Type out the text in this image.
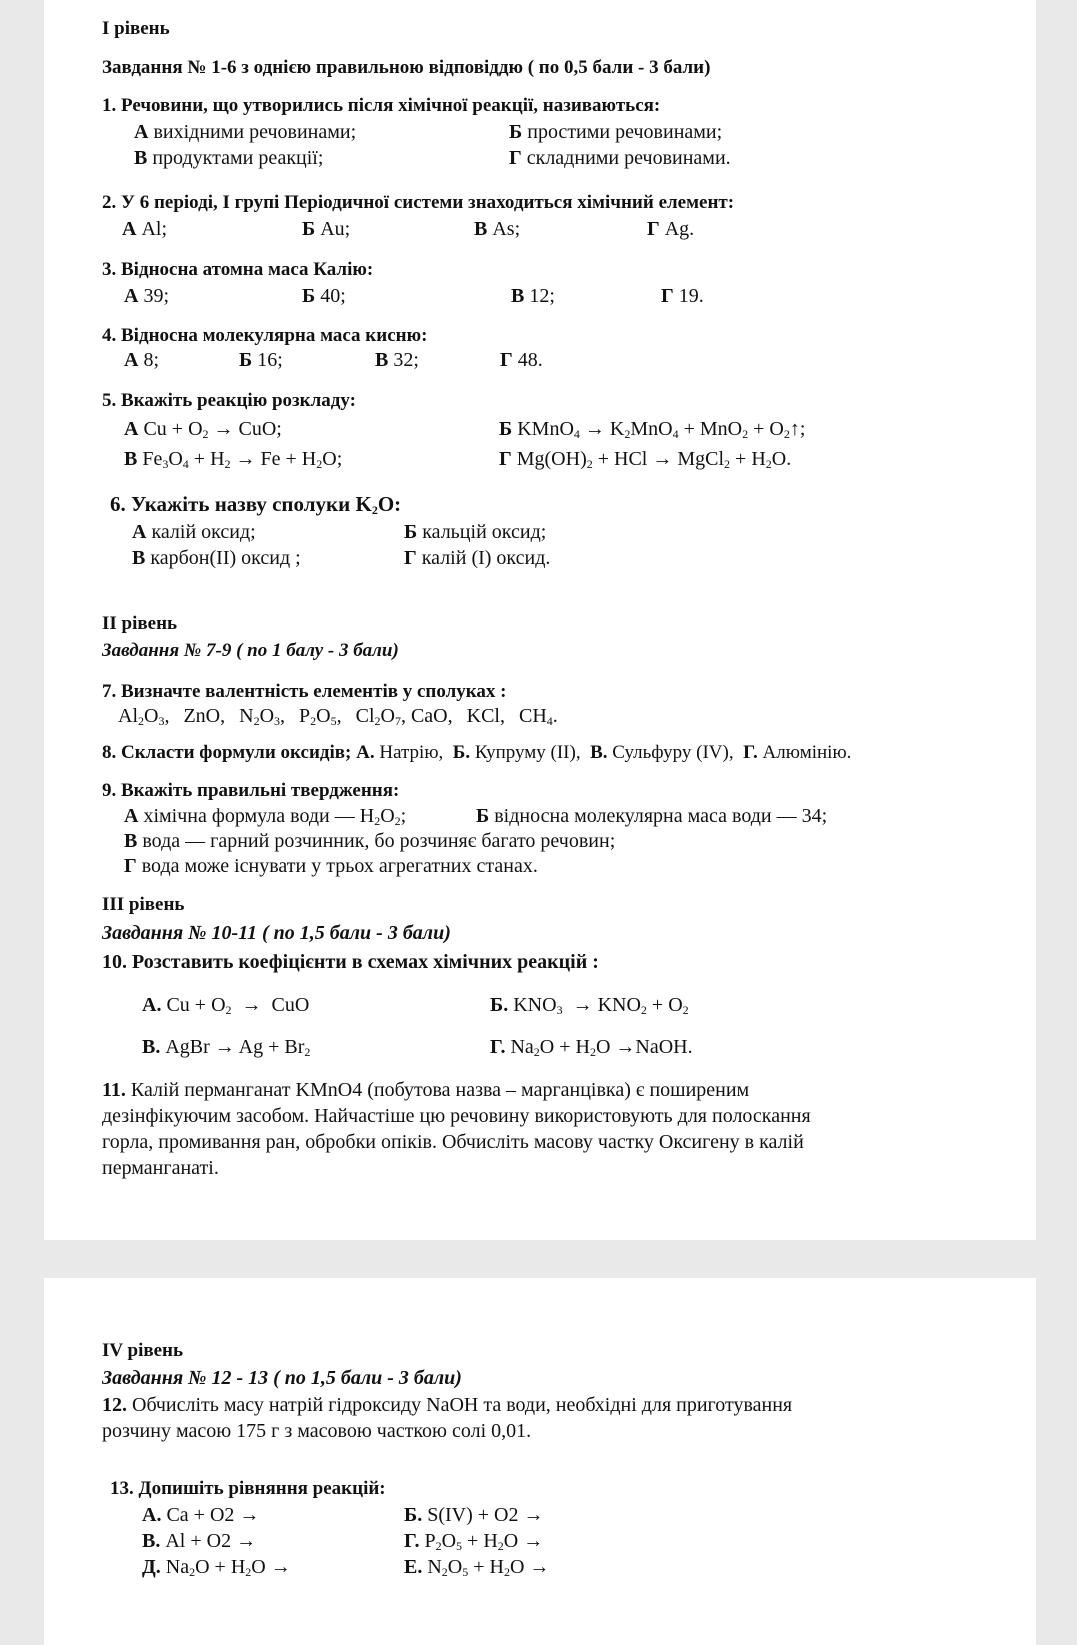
І рівень
Завдання № 1-6 з однією правильною відповіддю ( по 0,5 бали - 3 бали)
1. Речовини, що утворились після хімічної реакції, називаються:
А вихідними речовинами;	Б простими речовинами;
В продуктами реакції;	Г складними речовинами.
2. У 6 періоді, І групі Періодичної системи знаходиться хімічний елемент:
А Al;	Б Au;	В As;	Г Ag.
3. Відносна атомна маса Калію:
А 39;	Б 40;	В 12;	Г 19.
4. Відносна молекулярна маса кисню:
А 8;	Б 16;	В 32;	Г 48.
5. Вкажіть реакцію розкладу:
А $Cu + O_2$ → CuO;	Б KMnO$_4$ → $K_2MnO_4 + MnO_2$ + $O_2↑$;
В $Fe_3O_4 + H_2 \to Fe + H_2O$;	Г $Mg(OH)_2$ + HCl → MgCl$_2$ + $H_2O$.
6. Укажіть назву сполуки $K_2O$:
А калій оксид;	Б кальцій оксид;
В карбон(ІІ) оксид ;	Г калій (І) оксид.
ІІ рівень
Завдання № 7-9 ( по 1 балу - 3 бали)
7. Визначте валентність елементів у сполуках :
$Al_2O_3$, ZnO, $N_2O_3$, $P_2O_5$, $Cl_2O_7$, CaO, KCl, $CH_4$.
8. Скласти формули оксидів; А. Натрію, Б. Купруму (ІІ), В. Сульфуру (IV), Г. Алюмінію.
9. Вкажіть правильні твердження:
А хімічна формула води — $H_2O_2$;	Б відносна молекулярна маса води — 34;
В вода — гарний розчинник, бо розчиняє багато речовин;
Г вода може існувати у трьох агрегатних станах.
ІІІ рівень
Завдання № 10-11 ( по 1,5 бали - 3 бали)
10. Розставить коефіцієнти в схемах хімічних реакцій :
А. $Cu + O_2$  →  CuO	Б. $KNO_3 \to KNO_2 + O_2$
В. AgBr → $Ag + Br_2$	Г. $Na_2O + H_2O$ →NaOH.
11. Калій перманганат KMnO4 (побутова назва – марганцівка) є поширеним
дезінфікуючим засобом. Найчастіше цю речовину використовують для полоскання
горла, промивання ран, обробки опіків. Обчисліть масову частку Оксигену в калій
перманганаті.
IV рівень
Завдання № 12 - 13 ( по 1,5 бали - 3 бали)
12. Обчисліть масу натрій гідроксиду NaOH та води, необхідні для приготування
розчину масою 175 г з масовою часткою солі 0,01.
13. Допишіть рівняння реакцій:
А. Ca + O2 →	Б. S(IV) + O2 →
В. Al + O2 →	Г. $P_2O_5 + H_2O$ →
Д. $Na_2O + H_2O$ →	Е. $N_2O_5 + H_2O$ →
